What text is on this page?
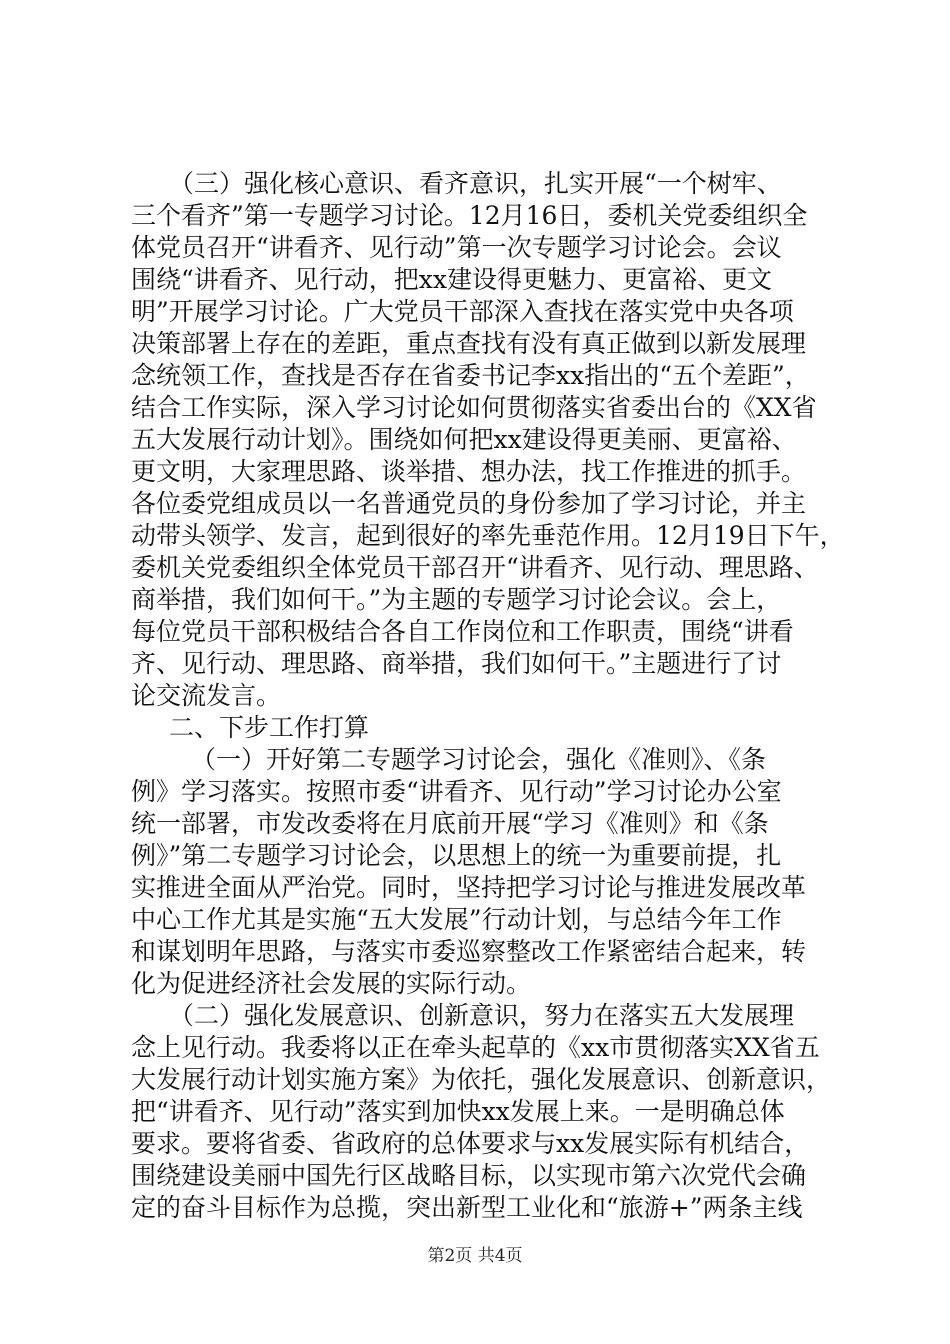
（三）强化核心意识、看齐意识，扎实开展“一个树牢、
三个看齐”第一专题学习讨论。12月16日，委机关党委组织全
体党员召开“讲看齐、见行动”第一次专题学习讨论会。会议
围绕“讲看齐、见行动，把xx建设得更魅力、更富裕、更文
明”开展学习讨论。广大党员干部深入查找在落实党中央各项
决策部署上存在的差距，重点查找有没有真正做到以新发展理
念统领工作，查找是否存在省委书记李xx指出的“五个差距”，
结合工作实际，深入学习讨论如何贯彻落实省委出台的《XX省
五大发展行动计划》。围绕如何把xx建设得更美丽、更富裕、
更文明，大家理思路、谈举措、想办法，找工作推进的抓手。
各位委党组成员以一名普通党员的身份参加了学习讨论，并主
动带头领学、发言，起到很好的率先垂范作用。12月19日下午，
委机关党委组织全体党员干部召开“讲看齐、见行动、理思路、
商举措，我们如何干。”为主题的专题学习讨论会议。会上，
每位党员干部积极结合各自工作岗位和工作职责，围绕“讲看
齐、见行动、理思路、商举措，我们如何干。”主题进行了讨
论交流发言。
二、下步工作打算
（一）开好第二专题学习讨论会，强化《准则》、《条
例》学习落实。按照市委“讲看齐、见行动”学习讨论办公室
统一部署，市发改委将在月底前开展“学习《准则》和《条
例》”第二专题学习讨论会，以思想上的统一为重要前提，扎
实推进全面从严治党。同时，坚持把学习讨论与推进发展改革
中心工作尤其是实施“五大发展”行动计划，与总结今年工作
和谋划明年思路，与落实市委巡察整改工作紧密结合起来，转
化为促进经济社会发展的实际行动。
（二）强化发展意识、创新意识，努力在落实五大发展理
念上见行动。我委将以正在牵头起草的《xx市贯彻落实XX省五
大发展行动计划实施方案》为依托，强化发展意识、创新意识，
把“讲看齐、见行动”落实到加快xx发展上来。一是明确总体
要求。要将省委、省政府的总体要求与xx发展实际有机结合，
围绕建设美丽中国先行区战略目标，以实现市第六次党代会确
定的奋斗目标作为总揽，突出新型工业化和“旅游+”两条主线
第2页 共4页
